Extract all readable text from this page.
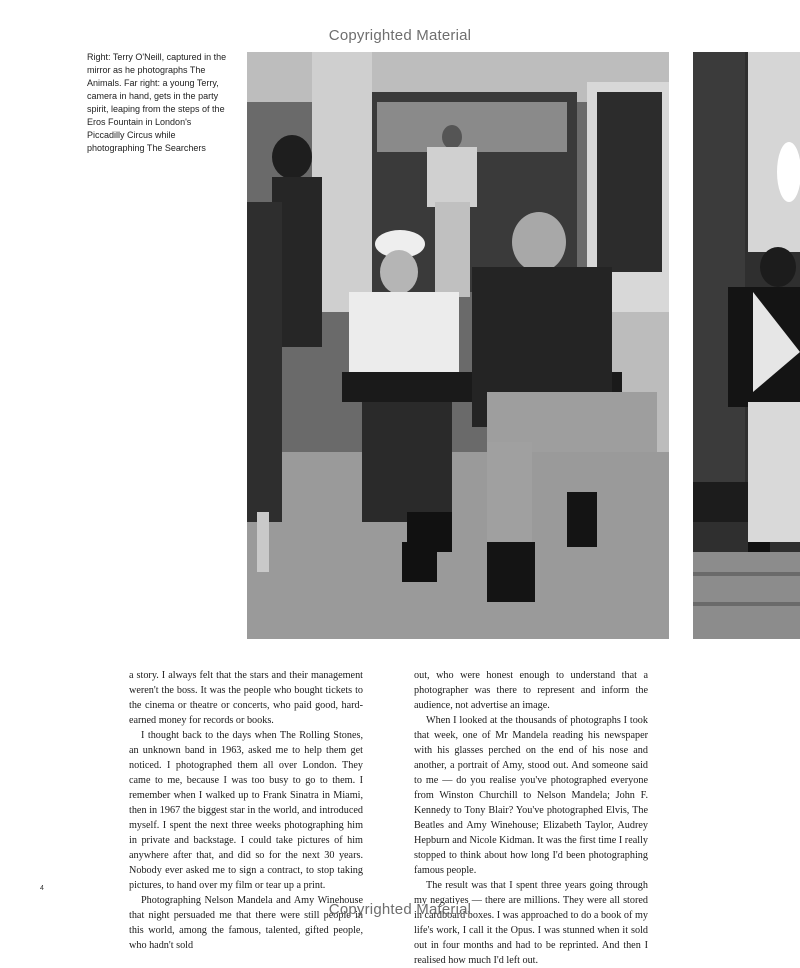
Copyrighted Material
Right: Terry O'Neill, captured in the mirror as he photographs The Animals. Far right: a young Terry, camera in hand, gets in the party spirit, leaping from the steps of the Eros Fountain in London's Piccadilly Circus while photographing The Searchers

a story. I always felt that the stars and their management weren't the boss. It was the people who bought tickets to the cinema or theatre or concerts, who paid good, hard-earned money for records or books.

I thought back to the days when The Rolling Stones, an unknown band in 1963, asked me to help them get noticed. I photographed them all over London. They came to me, because I was too busy to go to them. I remember when I walked up to Frank Sinatra in Miami, then in 1967 the biggest star in the world, and introduced myself. I spent the next three weeks photographing him in private and backstage. I could take pictures of him anywhere after that, and did so for the next 30 years. Nobody ever asked me to sign a contract, to stop taking pictures, to hand over my film or tear up a print.

Photographing Nelson Mandela and Amy Winehouse that night persuaded me that there were still people in this world, among the famous, talented, gifted people, who hadn't sold

out, who were honest enough to understand that a photographer was there to represent and inform the audience, not advertise an image.

When I looked at the thousands of photographs I took that week, one of Mr Mandela reading his newspaper with his glasses perched on the end of his nose and another, a portrait of Amy, stood out. And someone said to me — do you realise you've photographed everyone from Winston Churchill to Nelson Mandela; John F. Kennedy to Tony Blair? You've photographed Elvis, The Beatles and Amy Winehouse; Elizabeth Taylor, Audrey Hepburn and Nicole Kidman. It was the first time I really stopped to think about how long I'd been photographing famous people.

The result was that I spent three years going through my negatives — there are millions. They were all stored in cardboard boxes. I was approached to do a book of my life's work, I call it the Opus. I was stunned when it sold out in four months and had to be reprinted. And then I realised how much I'd left out.

4
Copyrighted Material
